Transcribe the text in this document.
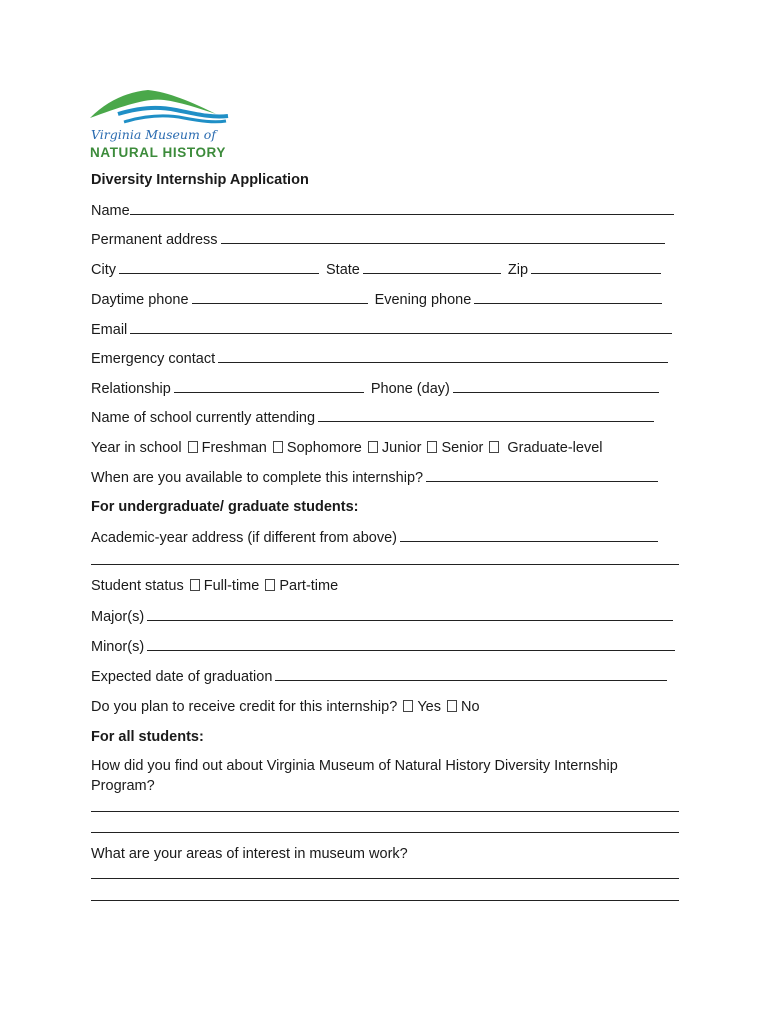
Virginia Museum of
NATURAL HISTORY
Diversity Internship Application
Name
Permanent address
City	State	Zip
Daytime phone	Evening phone
Email
Emergency contact
Relationship	Phone (day)
Name of school currently attending
Year in school Freshman Sophomore Junior Senior Graduate-level
When are you available to complete this internship?
For undergraduate/ graduate students:
Academic-year address (if different from above)
Student status Full-time Part-time
Major(s)
Minor(s)
Expected date of graduation
Do you plan to receive credit for this internship? Yes No
For all students:
How did you find out about Virginia Museum of Natural History Diversity Internship
Program?
What are your areas of interest in museum work?
